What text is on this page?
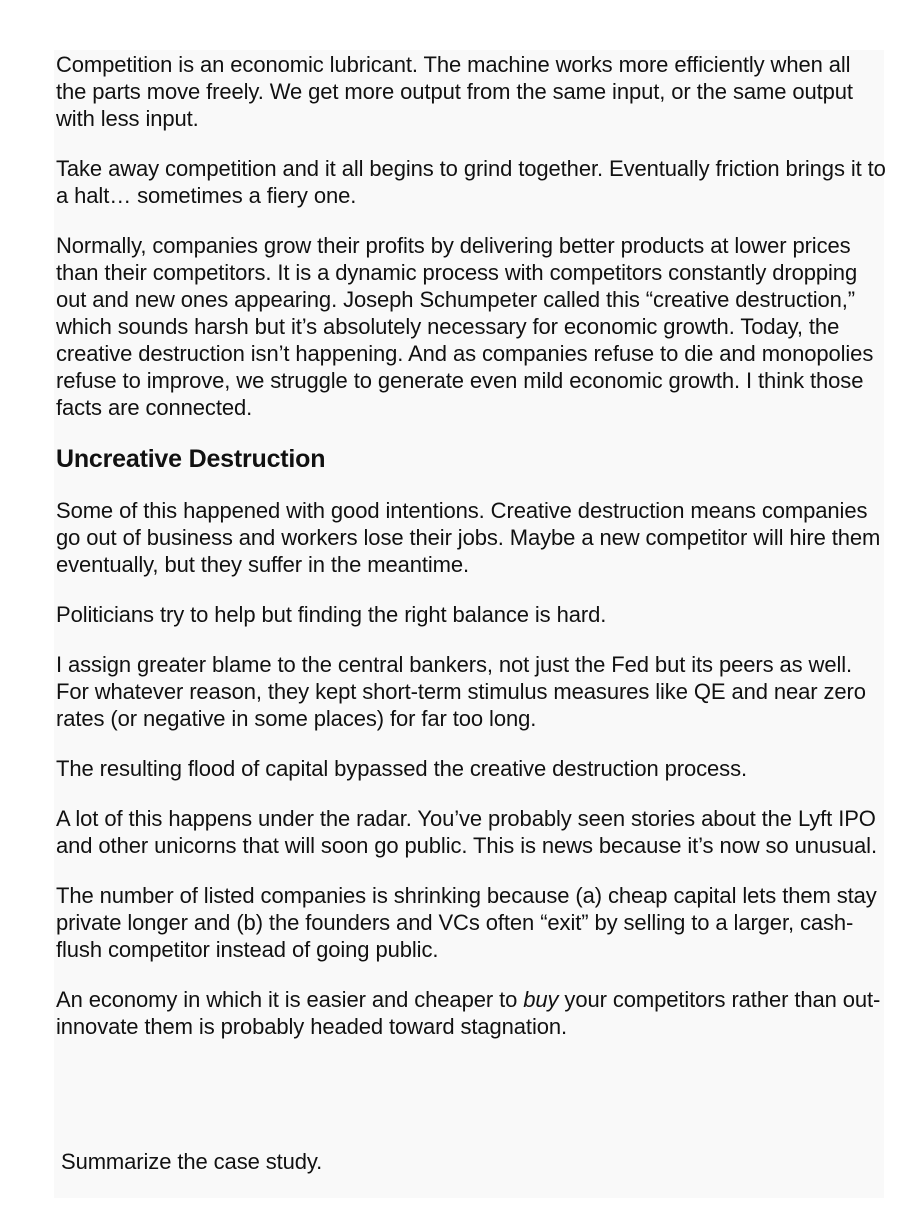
Competition is an economic lubricant. The machine works more efficiently when all the parts move freely. We get more output from the same input, or the same output with less input.

Take away competition and it all begins to grind together. Eventually friction brings it to a halt… sometimes a fiery one.

Normally, companies grow their profits by delivering better products at lower prices than their competitors. It is a dynamic process with competitors constantly dropping out and new ones appearing. Joseph Schumpeter called this “creative destruction,” which sounds harsh but it’s absolutely necessary for economic growth. Today, the creative destruction isn’t happening. And as companies refuse to die and monopolies refuse to improve, we struggle to generate even mild economic growth. I think those facts are connected.

Uncreative Destruction

Some of this happened with good intentions. Creative destruction means companies go out of business and workers lose their jobs. Maybe a new competitor will hire them eventually, but they suffer in the meantime.

Politicians try to help but finding the right balance is hard.

I assign greater blame to the central bankers, not just the Fed but its peers as well. For whatever reason, they kept short-term stimulus measures like QE and near zero rates (or negative in some places) for far too long.

The resulting flood of capital bypassed the creative destruction process.

A lot of this happens under the radar. You’ve probably seen stories about the Lyft IPO and other unicorns that will soon go public. This is news because it’s now so unusual.

The number of listed companies is shrinking because (a) cheap capital lets them stay private longer and (b) the founders and VCs often “exit” by selling to a larger, cash-flush competitor instead of going public.

An economy in which it is easier and cheaper to buy your competitors rather than out-innovate them is probably headed toward stagnation.

Summarize the case study.
